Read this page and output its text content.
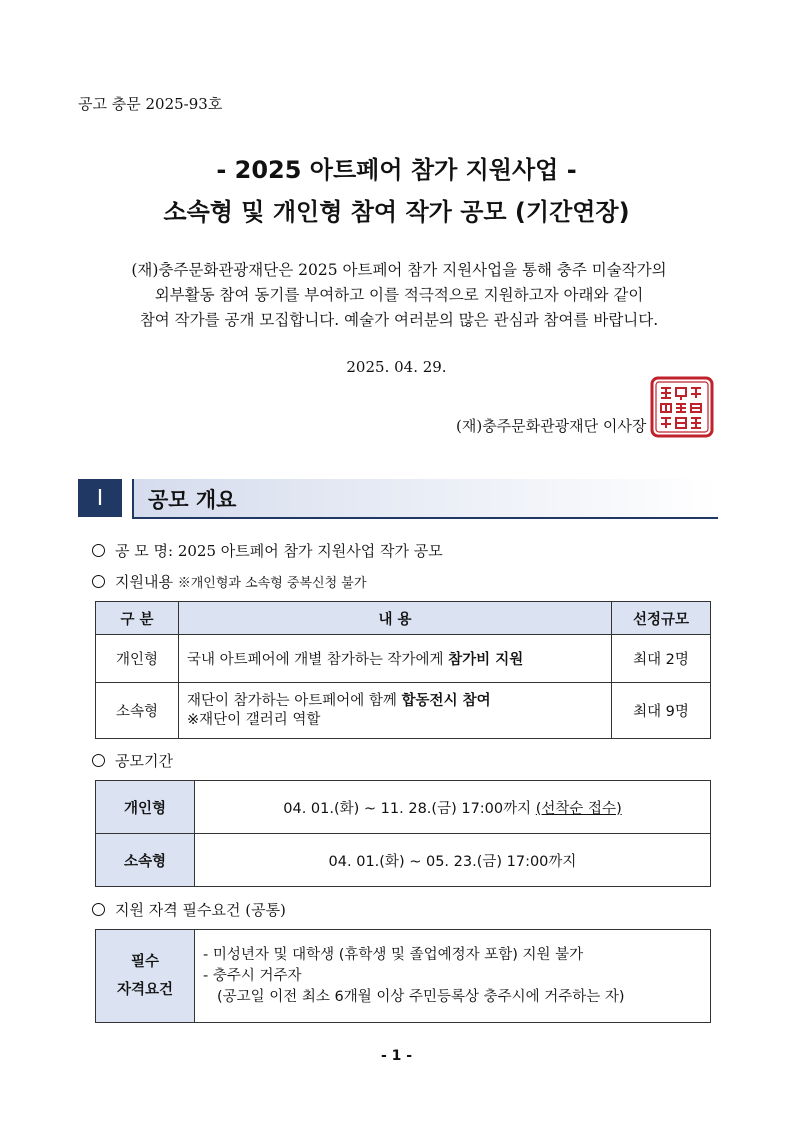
공고 충문 2025-93호
- 2025 아트페어 참가 지원사업 -
소속형 및 개인형 참여 작가 공모 (기간연장)
(재)충주문화관광재단은 2025 아트페어 참가 지원사업을 통해 충주 미술작가의
외부활동 참여 동기를 부여하고 이를 적극적으로 지원하고자 아래와 같이
참여 작가를 공개 모집합니다. 예술가 여러분의 많은 관심과 참여를 바랍니다.
2025. 04. 29.
(재)충주문화관광재단 이사장
Ⅰ	공모 개요
공 모 명: 2025 아트페어 참가 지원사업 작가 공모
지원내용 ※개인형과 소속형 중복신청 불가
구 분	내 용	선정규모
개인형	국내 아트페어에 개별 참가하는 작가에게 참가비 지원	최대 2명
소속형	재단이 참가하는 아트페어에 함께 합동전시 참여
※재단이 갤러리 역할	최대 9명
공모기간
개인형	04. 01.(화) ~ 11. 28.(금) 17:00까지 (선착순 접수)
소속형	04. 01.(화) ~ 05. 23.(금) 17:00까지
지원 자격 필수요건 (공통)
필수
자격요건	
- 미성년자 및 대학생 (휴학생 및 졸업예정자 포함) 지원 불가
- 충주시 거주자
(공고일 이전 최소 6개월 이상 주민등록상 충주시에 거주하는 자)
- 1 -
